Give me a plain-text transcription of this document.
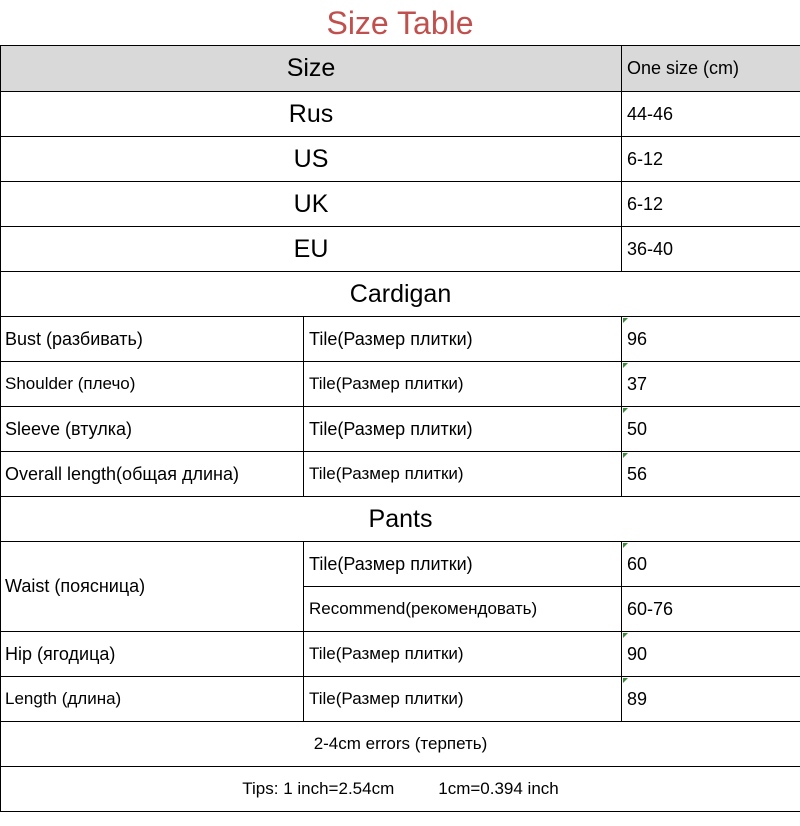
Size Table
Size		One size (cm)
Rus		44-46
US		6-12
UK		6-12
EU		36-40
Cardigan		
Bust (разбивать)	Tile(Размер плитки)	96
Shoulder (плечо)	Tile(Размер плитки)	37
Sleeve (втулка)	Tile(Размер плитки)	50
Overall length(общая длина)	Tile(Размер плитки)	56
Pants		
Waist (поясница)	Tile(Размер плитки)	60
	Recommend(рекомендовать)	60-76
Hip (ягодица)	Tile(Размер плитки)	90
Length (длина)	Tile(Размер плитки)	89
2-4cm errors (терпеть)		
Tips: 1 inch=2.54cm 1cm=0.394 inch		
